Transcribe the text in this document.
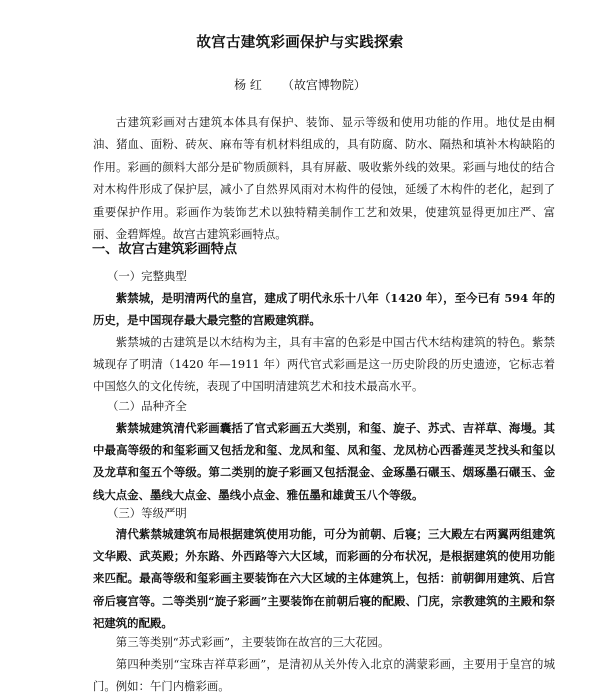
故宫古建筑彩画保护与实践探索
杨 红 （故宫博物院）

古建筑彩画对古建筑本体具有保护、装饰、显示等级和使用功能的作用。地仗是由桐油、猪血、面粉、砖灰、麻布等有机材料组成的，具有防腐、防水、隔热和填补木构缺陷的作用。彩画的颜料大部分是矿物质颜料，具有屏蔽、吸收紫外线的效果。彩画与地仗的结合对木构件形成了保护层，减小了自然界风雨对木构件的侵蚀，延缓了木构件的老化，起到了重要保护作用。彩画作为装饰艺术以独特精美制作工艺和效果，使建筑显得更加庄严、富丽、金碧辉煌。故宫古建筑彩画特点。

一、故宫古建筑彩画特点
（一）完整典型

紫禁城，是明清两代的皇宫，建成了明代永乐十八年（1420 年），至今已有 594 年的历史，是中国现存最大最完整的宫殿建筑群。

紫禁城的古建筑是以木结构为主，具有丰富的色彩是中国古代木结构建筑的特色。紫禁城现存了明清（1420 年—1911 年）两代官式彩画是这一历史阶段的历史遗迹，它标志着中国悠久的文化传统，表现了中国明清建筑艺术和技术最高水平。

（二）品种齐全

紫禁城建筑清代彩画囊括了官式彩画五大类别，和玺、旋子、苏式、吉祥草、海墁。其中最高等级的和玺彩画又包括龙和玺、龙凤和玺、凤和玺、龙凤枋心西番莲灵芝找头和玺以及龙草和玺五个等级。第二类别的旋子彩画又包括混金、金琢墨石碾玉、烟琢墨石碾玉、金线大点金、墨线大点金、墨线小点金、雅伍墨和雄黄玉八个等级。

（三）等级严明

清代紫禁城建筑布局根据建筑使用功能，可分为前朝、后寝；三大殿左右两翼两组建筑文华殿、武英殿；外东路、外西路等六大区域，而彩画的分布状况，是根据建筑的使用功能来匹配。最高等级和玺彩画主要装饰在六大区域的主体建筑上，包括：前朝御用建筑、后宫帝后寝宫等。二等类别“旋子彩画”主要装饰在前朝后寝的配殿、门庑，宗教建筑的主殿和祭祀建筑的配殿。

第三等类别“苏式彩画”，主要装饰在故宫的三大花园。

第四种类别“宝珠吉祥草彩画”，是清初从关外传入北京的满蒙彩画，主要用于皇宫的城门。例如：午门内檐彩画。
